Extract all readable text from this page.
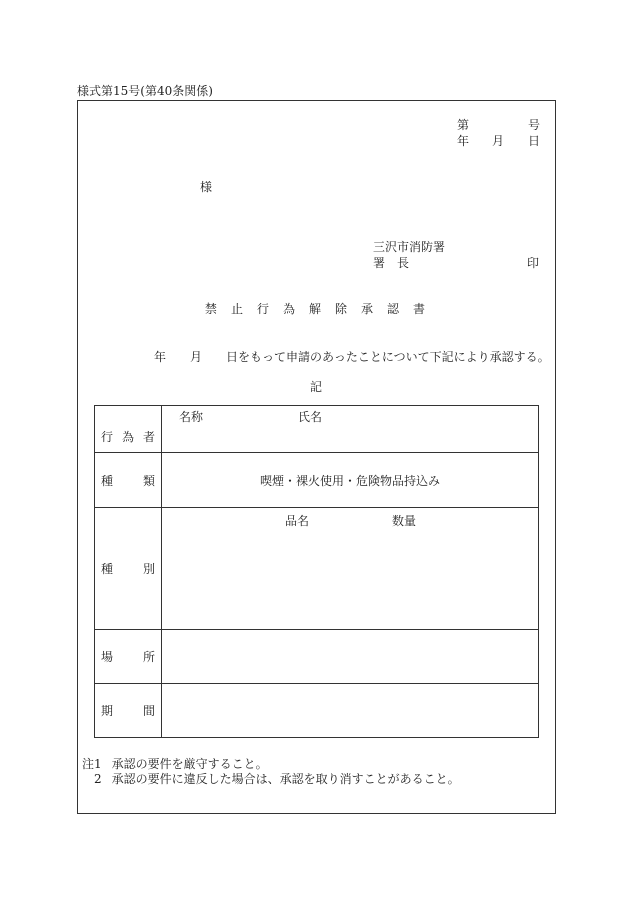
様式第15号(第40条関係)
第	号
年 月 日
様
三沢市消防署
署 長	印
禁 止 行 為 解 除 承 認 書
年 月 日をもって申請のあったことについて下記により承認する。
記
行 為 者	名称 氏名

種 類	喫煙・裸火使用・危険物品持込み

種 別	品名 数量

場 所	

期 間	

注1 承認の要件を厳守すること。
2 承認の要件に違反した場合は、承認を取り消すことがあること。
